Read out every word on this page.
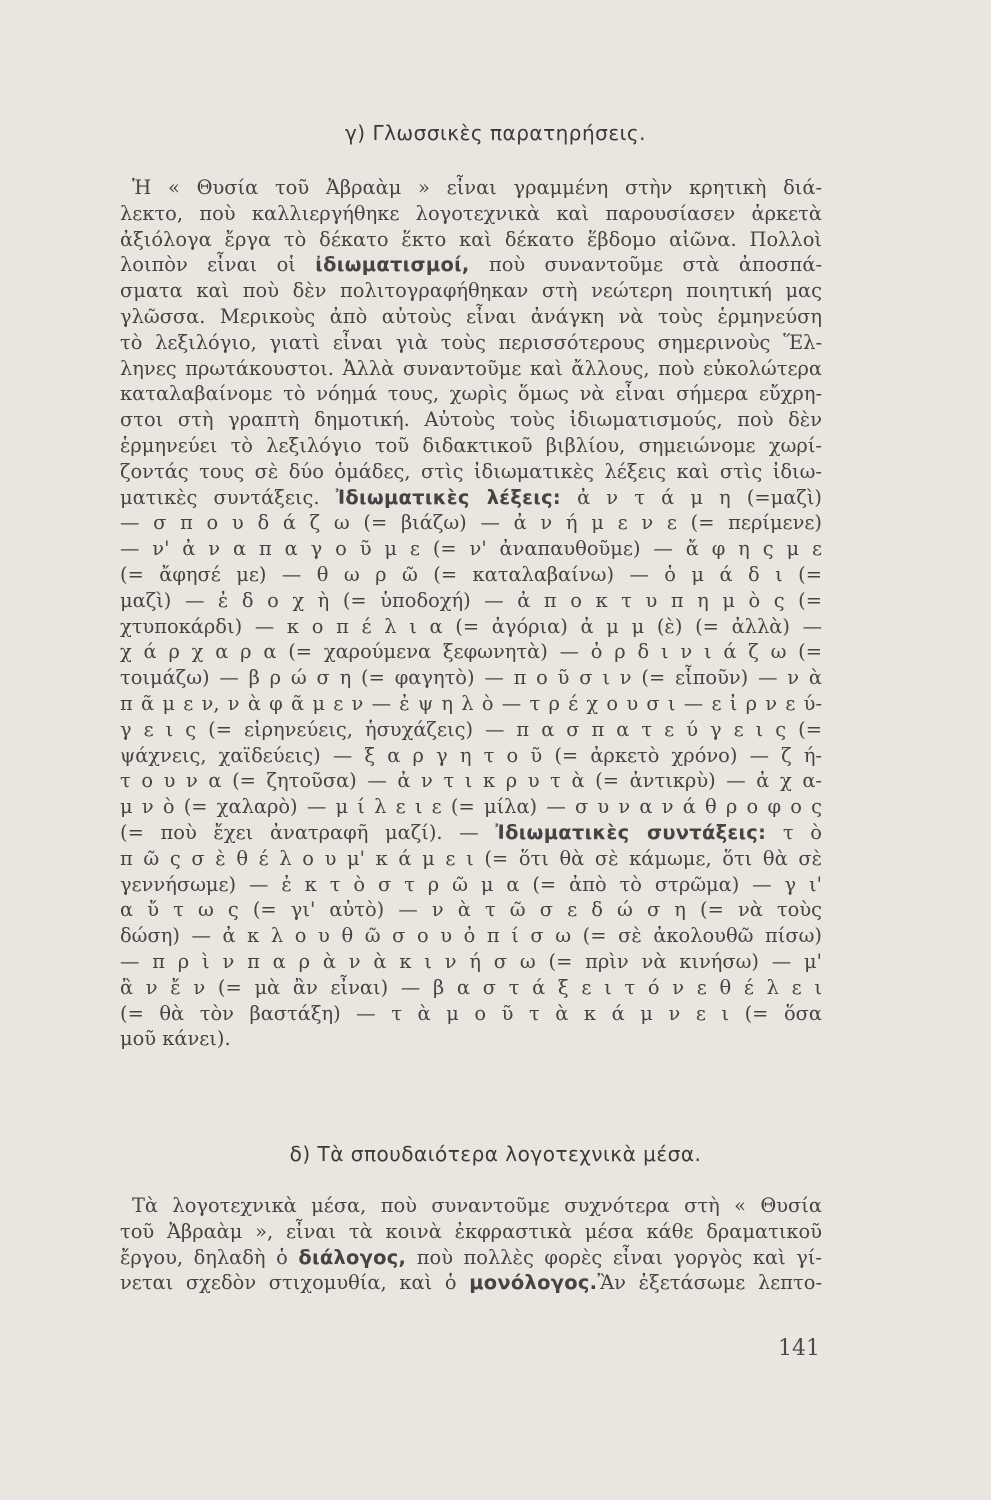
γ) Γλωσσικὲς παρατηρήσεις.
Ἡ « Θυσία τοῦ Ἀβραὰμ » εἶναι γραμμένη στὴν κρητικὴ διά-
λεκτο, ποὺ καλλιεργήθηκε λογοτεχνικὰ καὶ παρουσίασεν ἀρκετὰ
ἀξιόλογα ἔργα τὸ δέκατο ἕκτο καὶ δέκατο ἕβδομο αἰῶνα. Πολλοὶ
λοιπὸν εἶναι οἱ ἰδιωματισμοί, ποὺ συναντοῦμε στὰ ἀποσπά-
σματα καὶ ποὺ δὲν πολιτογραφήθηκαν στὴ νεώτερη ποιητική μας
γλῶσσα. Μερικοὺς ἀπὸ αὐτοὺς εἶναι ἀνάγκη νὰ τοὺς ἑρμηνεύση
τὸ λεξιλόγιο, γιατὶ εἶναι γιὰ τοὺς περισσότερους σημερινοὺς Ἕλ-
ληνες πρωτάκουστοι. Ἀλλὰ συναντοῦμε καὶ ἄλλους, ποὺ εὐκολώτερα
καταλαβαίνομε τὸ νόημά τους, χωρὶς ὅμως νὰ εἶναι σήμερα εὔχρη-
στοι στὴ γραπτὴ δημοτική. Αὐτοὺς τοὺς ἰδιωματισμούς, ποὺ δὲν
ἑρμηνεύει τὸ λεξιλόγιο τοῦ διδακτικοῦ βιβλίου, σημειώνομε χωρί-
ζοντάς τους σὲ δύο ὁμάδες, στὶς ἰδιωματικὲς λέξεις καὶ στὶς ἰδιω-
ματικὲς συντάξεις. Ἰδιωματικὲς λέξεις: ἀ ν τ ά μ η (=μαζὶ)
— σ π ο υ δ ά ζ ω (= βιάζω) — ἀ ν ή μ ε ν ε (= περίμενε)
— ν' ἀ ν α π α γ ο ῦ μ ε (= ν' ἀναπαυθοῦμε) — ἄ φ η ς μ ε
(= ἄφησέ με) — θ ω ρ ῶ (= καταλαβαίνω) — ὁ μ ά δ ι (=
μαζὶ) — ἐ δ ο χ ὴ (= ὑποδοχή) — ἀ π ο κ τ υ π η μ ὸ ς (=
χτυποκάρδι) — κ ο π έ λ ι α (= ἀγόρια) ἀ μ μ (ὲ) (= ἀλλὰ) —
χ ά ρ χ α ρ α (= χαρούμενα ξεφωνητὰ) — ὀ ρ δ ι ν ι ά ζ ω (=
τοιμάζω) — β ρ ώ σ η (= φαγητὸ) — π ο ῦ σ ι ν (= εἶποῦν) — ν ὰ
π ᾶ μ ε ν, ν ὰ φ ᾶ μ ε ν — ἐ ψ η λ ὸ — τ ρ έ χ ο υ σ ι — ε ἰ ρ ν ε ύ-
γ ε ι ς (= εἰρηνεύεις, ἡσυχάζεις) — π α σ π α τ ε ύ γ ε ι ς (=
ψάχνεις, χαϊδεύεις) — ξ α ρ γ η τ ο ῦ (= ἀρκετὸ χρόνο) — ζ ή-
τ ο υ ν α (= ζητοῦσα) — ἀ ν τ ι κ ρ υ τ ὰ (= ἀντικρὺ) — ἀ χ α-
μ ν ὸ (= χαλαρὸ) — μ ί λ ε ι ε (= μίλα) — σ υ ν α ν ά θ ρ ο φ ο ς
(= ποὺ ἔχει ἀνατραφῆ μαζί). — Ἰδιωματικὲς συντάξεις: τ ὸ
π ῶ ς σ ὲ θ έ λ ο υ μ' κ ά μ ε ι (= ὅτι θὰ σὲ κάμωμε, ὅτι θὰ σὲ
γεννήσωμε) — ἐ κ τ ὸ σ τ ρ ῶ μ α (= ἀπὸ τὸ στρῶμα) — γ ι'
α ὔ τ ω ς (= γι' αὐτὸ) — ν ὰ τ ῶ σ ε δ ώ σ η (= νὰ τοὺς
δώση) — ἀ κ λ ο υ θ ῶ σ ο υ ὀ π ί σ ω (= σὲ ἀκολουθῶ πίσω)
— π ρ ὶ ν π α ρ ὰ ν ὰ κ ι ν ή σ ω (= πρὶν νὰ κινήσω) — μ'
ἂ ν ἔ ν (= μὰ ἂν εἶναι) — β α σ τ ά ξ ε ι τ ό ν ε θ έ λ ε ι
(= θὰ τὸν βαστάξη) — τ ὰ μ ο ῦ τ ὰ κ ά μ ν ε ι (= ὅσα
μοῦ κάνει).
δ) Τὰ σπουδαιότερα λογοτεχνικὰ μέσα.
Τὰ λογοτεχνικὰ μέσα, ποὺ συναντοῦμε συχνότερα στὴ « Θυσία
τοῦ Ἀβραὰμ », εἶναι τὰ κοινὰ ἐκφραστικὰ μέσα κάθε δραματικοῦ
ἔργου, δηλαδὴ ὁ διάλογος, ποὺ πολλὲς φορὲς εἶναι γοργὸς καὶ γί-
νεται σχεδὸν στιχομυθία, καὶ ὁ μονόλογος.Ἂν ἐξετάσωμε λεπτο-
141
